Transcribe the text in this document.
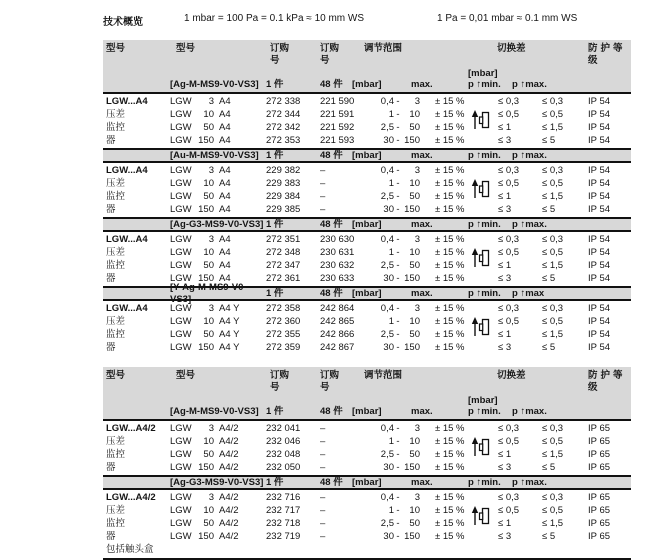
技术概览	1 mbar = 100 Pa = 0.1 kPa ≈ 10 mm WS	1 Pa = 0,01 mbar ≈ 0.1 mm WS
型号	型号	订购号
订购号
调节范围	切换差	防护等级
[Ag-M-MS9-V0-VS3] 1 件	48 件 [mbar]	max.
[mbar]
p ↑min.	p ↑max.
LGW...A4
压差
监控
器
LGW 3 A4	272 338	221 590	0,4 -	3	± 15 %	≤ 0,3	≤ 0,3	IP 54
LGW 10 A4	272 344	221 591	1 -	10	± 15 %	≤ 0,5	≤ 0,5	IP 54
LGW 50 A4	272 342	221 592	2,5 -	50	± 15 %	≤ 1	≤ 1,5	IP 54
LGW 150 A4	272 353	221 593	30 - 150	± 15 %	≤ 3	≤ 5	IP 54
[Au-M-MS9-V0-VS3] 1 件	48 件 [mbar]	max.	p ↑min.	p ↑max.
LGW...A4
压差
监控
器
LGW 3 A4	229 382	–	0,4 -	3	± 15 %	≤ 0,3	≤ 0,3	IP 54
LGW 10 A4	229 383	–	1 -	10	± 15 %	≤ 0,5	≤ 0,5	IP 54
LGW 50 A4	229 384	–	2,5 -	50	± 15 %	≤ 1	≤ 1,5	IP 54
LGW 150 A4	229 385	–	30 - 150	± 15 %	≤ 3	≤ 5	IP 54
[Ag-G3-MS9-V0-VS3] 1 件	48 件 [mbar]	max.	p ↑min.	p ↑max.
LGW...A4
压差
监控
器
LGW 3 A4	272 351	230 630	0,4 -	3	± 15 %	≤ 0,3	≤ 0,3	IP 54
LGW 10 A4	272 348	230 631	1 -	10	± 15 %	≤ 0,5	≤ 0,5	IP 54
LGW 50 A4	272 347	230 632	2,5 -	50	± 15 %	≤ 1	≤ 1,5	IP 54
LGW 150 A4	272 361	230 633	30 - 150	± 15 %	≤ 3	≤ 5	IP 54
[Y-Ag-M-MS9-V0-VS3]
1 件	48 件 [mbar]	max.	p ↑min.	p ↑max
LGW...A4
压差
监控
器
LGW 3 A4 Y	272 358	242 864	0,4 -	3	± 15 %	≤ 0,3	≤ 0,3	IP 54
LGW 10 A4 Y	272 360	242 865	1 -	10	± 15 %	≤ 0,5	≤ 0,5	IP 54
LGW 50 A4 Y	272 355	242 866	2,5 -	50	± 15 %	≤ 1	≤ 1,5	IP 54
LGW 150 A4 Y	272 359	242 867	30 - 150	± 15 %	≤ 3	≤ 5	IP 54
型号	型号	订购号
订购号
调节范围	切换差	防护等级
[Ag-M-MS9-V0-VS3] 1 件	48 件 [mbar]	max.
[mbar]
p ↑min.	p ↑max.
LGW...A4/2
压差
监控
器
LGW 3 A4/2	232 041	–	0,4 -	3	± 15 %	≤ 0,3	≤ 0,3	IP 65
LGW 10 A4/2	232 046	–	1 -	10	± 15 %	≤ 0,5	≤ 0,5	IP 65
LGW 50 A4/2	232 048	–	2,5 -	50	± 15 %	≤ 1	≤ 1,5	IP 65
LGW 150 A4/2	232 050	–	30 - 150	± 15 %	≤ 3	≤ 5	IP 65
[Ag-G3-MS9-V0-VS3] 1 件	48 件 [mbar]	max.	p ↑min.	p ↑max.
LGW...A4/2
压差
监控
器
LGW 3 A4/2	232 716	–	0,4 -	3	± 15 %	≤ 0,3	≤ 0,3	IP 65
LGW 10 A4/2	232 717	–	1 -	10	± 15 %	≤ 0,5	≤ 0,5	IP 65
LGW 50 A4/2	232 718	–	2,5 -	50	± 15 %	≤ 1	≤ 1,5	IP 65
LGW 150 A4/2	232 719	–	30 - 150	± 15 %	≤ 3	≤ 5	IP 65
包括触头盒
